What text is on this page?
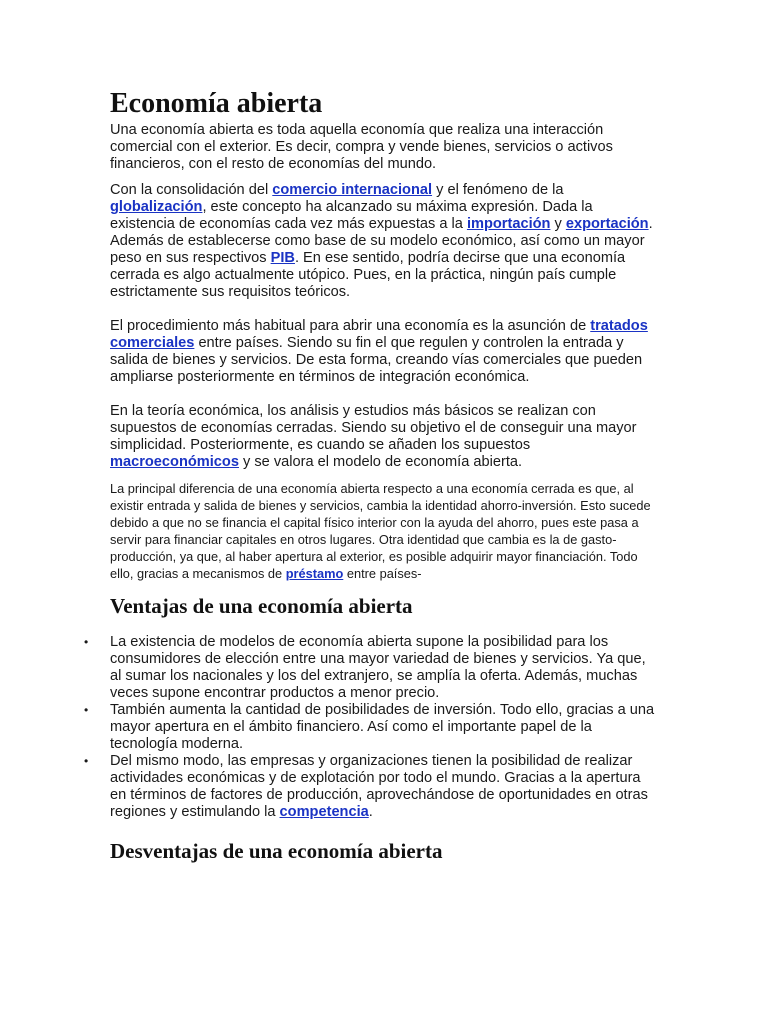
Economía abierta

Una economía abierta es toda aquella economía que realiza una interacción comercial con el exterior. Es decir, compra y vende bienes, servicios o activos financieros, con el resto de economías del mundo.

Con la consolidación del comercio internacional y el fenómeno de la globalización, este concepto ha alcanzado su máxima expresión. Dada la existencia de economías cada vez más expuestas a la importación y exportación. Además de establecerse como base de su modelo económico, así como un mayor peso en sus respectivos PIB. En ese sentido, podría decirse que una economía cerrada es algo actualmente utópico. Pues, en la práctica, ningún país cumple estrictamente sus requisitos teóricos.

El procedimiento más habitual para abrir una economía es la asunción de tratados comerciales entre países. Siendo su fin el que regulen y controlen la entrada y salida de bienes y servicios. De esta forma, creando vías comerciales que pueden ampliarse posteriormente en términos de integración económica.

En la teoría económica, los análisis y estudios más básicos se realizan con supuestos de economías cerradas. Siendo su objetivo el de conseguir una mayor simplicidad. Posteriormente, es cuando se añaden los supuestos macroeconómicos y se valora el modelo de economía abierta.

La principal diferencia de una economía abierta respecto a una economía cerrada es que, al existir entrada y salida de bienes y servicios, cambia la identidad ahorro-inversión. Esto sucede debido a que no se financia el capital físico interior con la ayuda del ahorro, pues este pasa a servir para financiar capitales en otros lugares. Otra identidad que cambia es la de gasto-producción, ya que, al haber apertura al exterior, es posible adquirir mayor financiación. Todo ello, gracias a mecanismos de préstamo entre países-

Ventajas de una economía abierta
• La existencia de modelos de economía abierta supone la posibilidad para los consumidores de elección entre una mayor variedad de bienes y servicios. Ya que, al sumar los nacionales y los del extranjero, se amplía la oferta. Además, muchas veces supone encontrar productos a menor precio.
• También aumenta la cantidad de posibilidades de inversión. Todo ello, gracias a una mayor apertura en el ámbito financiero. Así como el importante papel de la tecnología moderna.
• Del mismo modo, las empresas y organizaciones tienen la posibilidad de realizar actividades económicas y de explotación por todo el mundo. Gracias a la apertura en términos de factores de producción, aprovechándose de oportunidades en otras regiones y estimulando la competencia.
Desventajas de una economía abierta
